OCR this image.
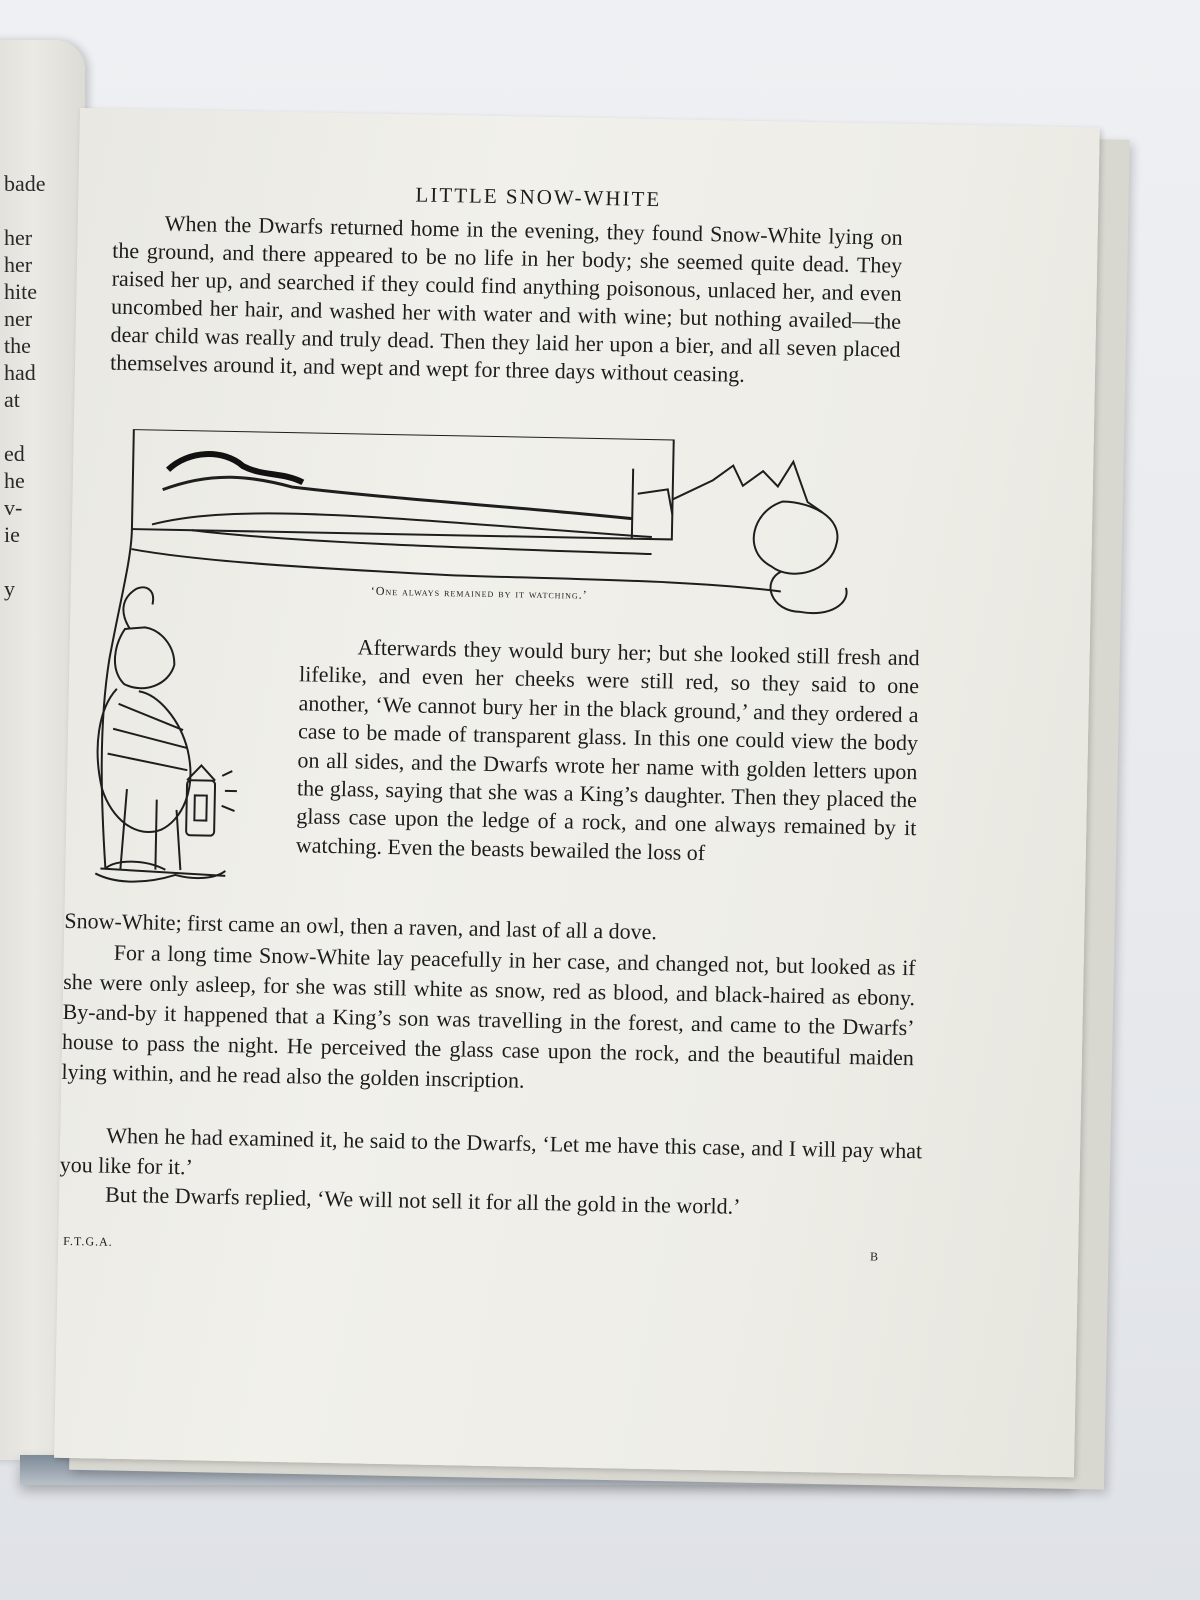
bade

her
her
hite
ner
the
had
at

ed
he
v-
ie

y
LITTLE SNOW-WHITE

When the Dwarfs returned home in the evening, they found Snow-White lying on the ground, and there appeared to be no life in her body; she seemed quite dead. They raised her up, and searched if they could find anything poisonous, unlaced her, and even uncombed her hair, and washed her with water and with wine; but nothing availed—the dear child was really and truly dead. Then they laid her upon a bier, and all seven placed themselves around it, and wept and wept for three days without ceasing.

‘One always remained by it watching.’

Afterwards they would bury her; but she looked still fresh and lifelike, and even her cheeks were still red, so they said to one another, ‘We cannot bury her in the black ground,’ and they ordered a case to be made of transparent glass. In this one could view the body on all sides, and the Dwarfs wrote her name with golden letters upon the glass, saying that she was a King’s daughter. Then they placed the glass case upon the ledge of a rock, and one always remained by it watching. Even the beasts bewailed the loss of

Snow-White; first came an owl, then a raven, and last of all a dove.

For a long time Snow-White lay peacefully in her case, and changed not, but looked as if she were only asleep, for she was still white as snow, red as blood, and black-haired as ebony. By-and-by it happened that a King’s son was travelling in the forest, and came to the Dwarfs’ house to pass the night. He perceived the glass case upon the rock, and the beautiful maiden lying within, and he read also the golden inscription.

When he had examined it, he said to the Dwarfs, ‘Let me have this case, and I will pay what you like for it.’

But the Dwarfs replied, ‘We will not sell it for all the gold in the world.’

F.T.G.A.
B
